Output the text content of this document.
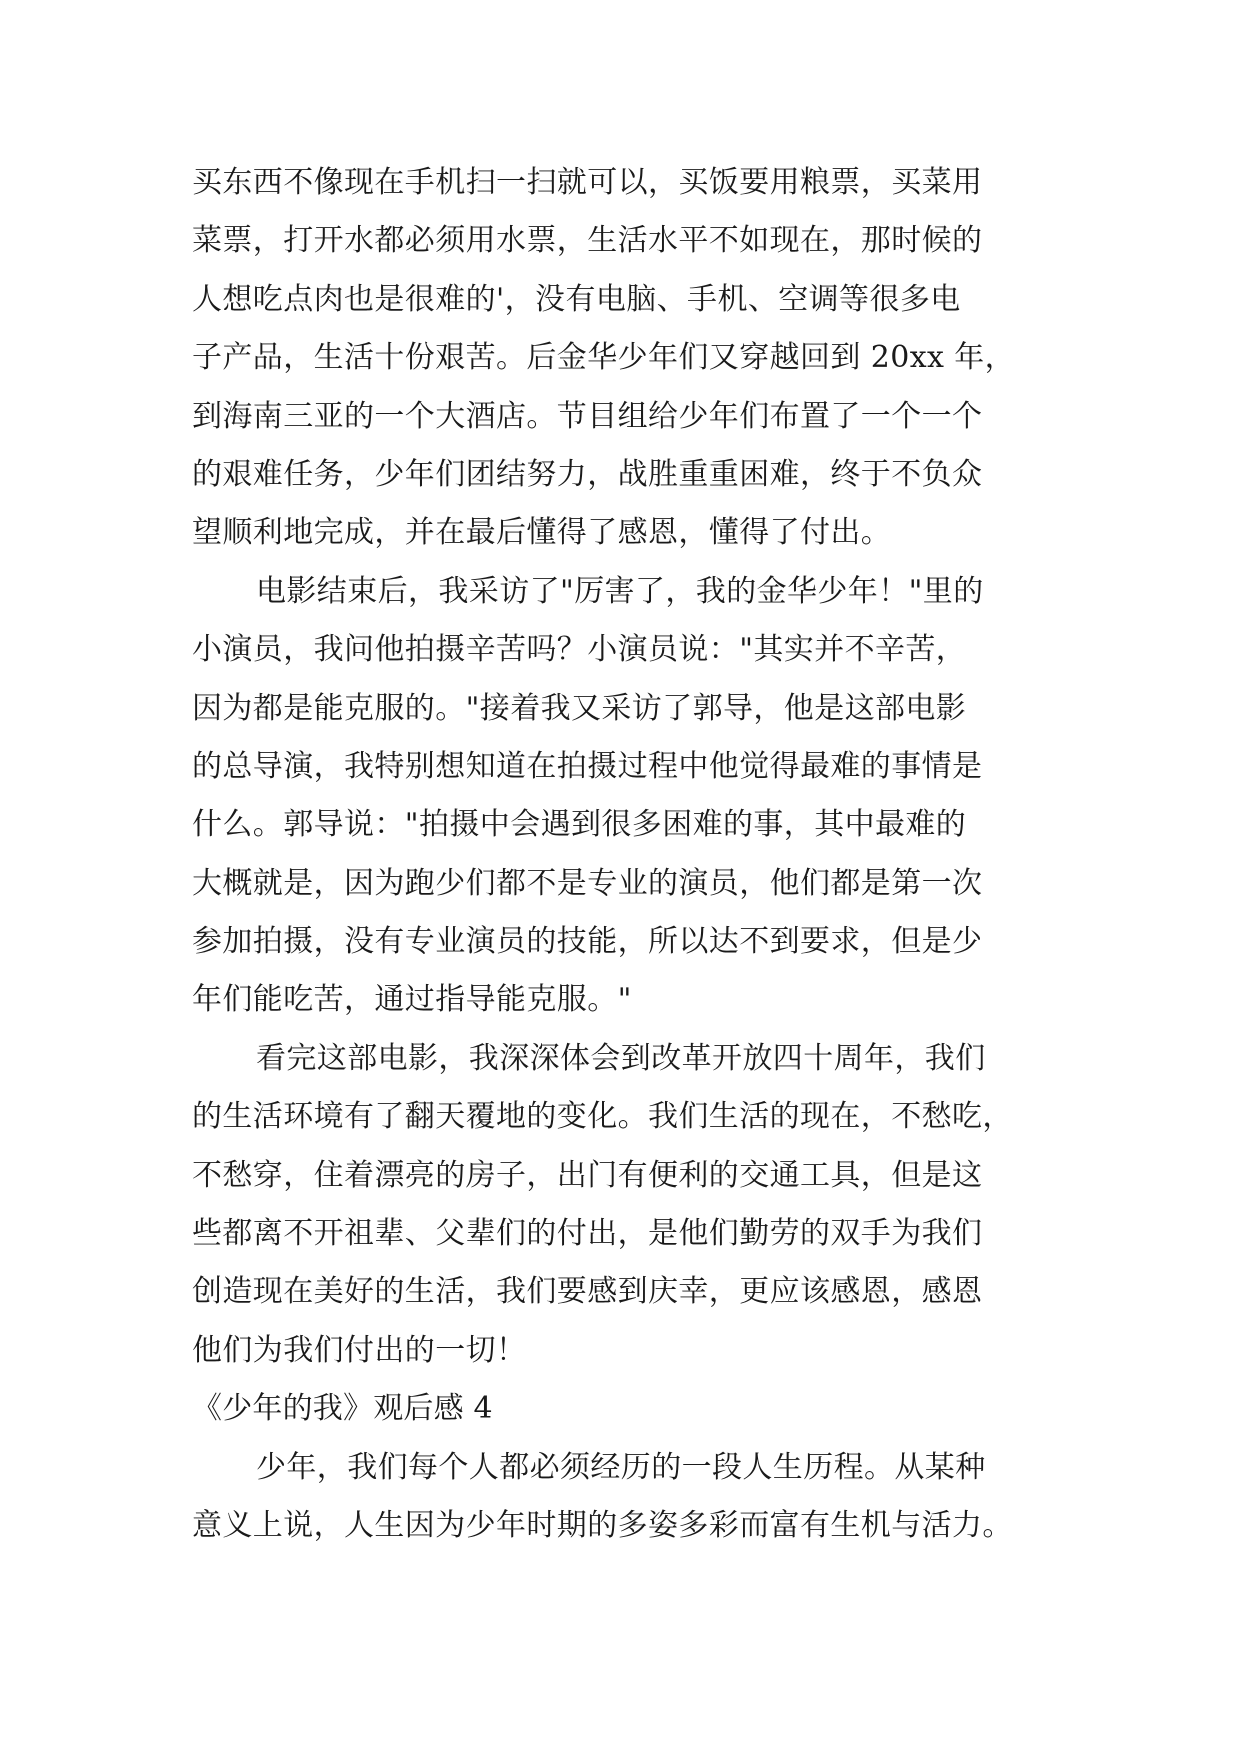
买东西不像现在手机扫一扫就可以，买饭要用粮票，买菜用
菜票，打开水都必须用水票，生活水平不如现在，那时候的
人想吃点肉也是很难的'，没有电脑、手机、空调等很多电
子产品，生活十份艰苦。后金华少年们又穿越回到 20xx 年，
到海南三亚的一个大酒店。节目组给少年们布置了一个一个
的艰难任务，少年们团结努力，战胜重重困难，终于不负众
望顺利地完成，并在最后懂得了感恩，懂得了付出。
电影结束后，我采访了"厉害了，我的金华少年！"里的
小演员，我问他拍摄辛苦吗？小演员说："其实并不辛苦，
因为都是能克服的。"接着我又采访了郭导，他是这部电影
的总导演，我特别想知道在拍摄过程中他觉得最难的事情是
什么。郭导说："拍摄中会遇到很多困难的事，其中最难的
大概就是，因为跑少们都不是专业的演员，他们都是第一次
参加拍摄，没有专业演员的技能，所以达不到要求，但是少
年们能吃苦，通过指导能克服。"
看完这部电影，我深深体会到改革开放四十周年，我们
的生活环境有了翻天覆地的变化。我们生活的现在，不愁吃，
不愁穿，住着漂亮的房子，出门有便利的交通工具，但是这
些都离不开祖辈、父辈们的付出，是他们勤劳的双手为我们
创造现在美好的生活，我们要感到庆幸，更应该感恩，感恩
他们为我们付出的一切！
《少年的我》观后感 4
少年，我们每个人都必须经历的一段人生历程。从某种
意义上说，人生因为少年时期的多姿多彩而富有生机与活力。
